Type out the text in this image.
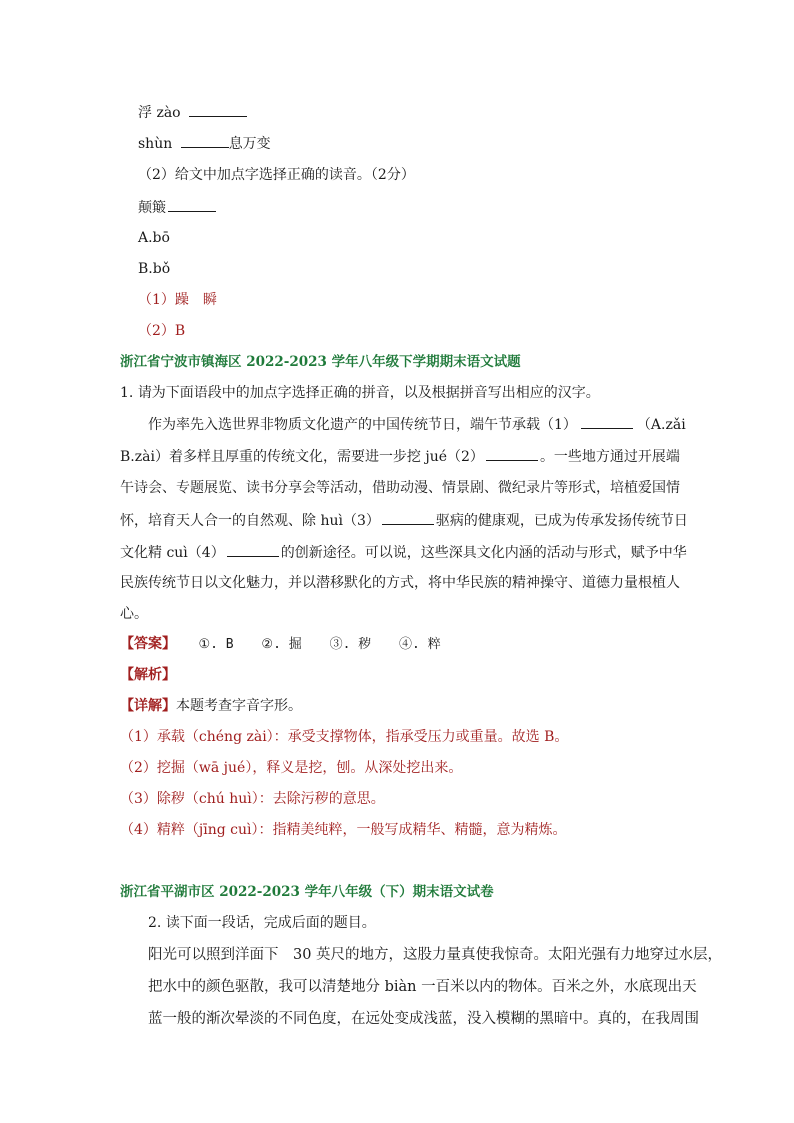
浮 zào
shùn	息万变
（2）给文中加点字选择正确的读音。（2分）
颠簸
A.bō
B.bǒ
（1）躁　瞬
（2）B
浙江省宁波市镇海区 2022-2023 学年八年级下学期期末语文试题
1. 请为下面语段中的加点字选择正确的拼音，以及根据拼音写出相应的汉字。
作为率先入选世界非物质文化遗产的中国传统节日，端午节承载（1）	（A.zǎi
B.zài）着多样且厚重的传统文化，需要进一步挖 jué（2）	。一些地方通过开展端
午诗会、专题展览、读书分享会等活动，借助动漫、情景剧、微纪录片等形式，培植爱国情
怀，培育天人合一的自然观、除 huì（3）	驱病的健康观，已成为传承发扬传统节日
文化精 cuì（4）	的创新途径。可以说，这些深具文化内涵的活动与形式，赋予中华
民族传统节日以文化魅力，并以潜移默化的方式，将中华民族的精神操守、道德力量根植人
心。
【答案】 ①. B ②. 掘 ③. 秽 ④. 粹
【解析】
【详解】本题考查字音字形。
（1）承载（chéng zài）：承受支撑物体，指承受压力或重量。故选 B。
（2）挖掘（wā jué），释义是挖，刨。从深处挖出来。
（3）除秽（chú huì）：去除污秽的意思。
（4）精粹（jīng cuì）：指精美纯粹，一般写成精华、精髓，意为精炼。
浙江省平湖市区 2022-2023 学年八年级（下）期末语文试卷
2. 读下面一段话，完成后面的题目。
阳光可以照到洋面下　30 英尺的地方，这股力量真使我惊奇。太阳光强有力地穿过水层，
把水中的颜色驱散，我可以清楚地分 biàn 一百米以内的物体。百米之外，水底现出天
蓝一般的渐次晕淡的不同色度，在远处变成浅蓝，没入模糊的黑暗中。真的，在我周围
